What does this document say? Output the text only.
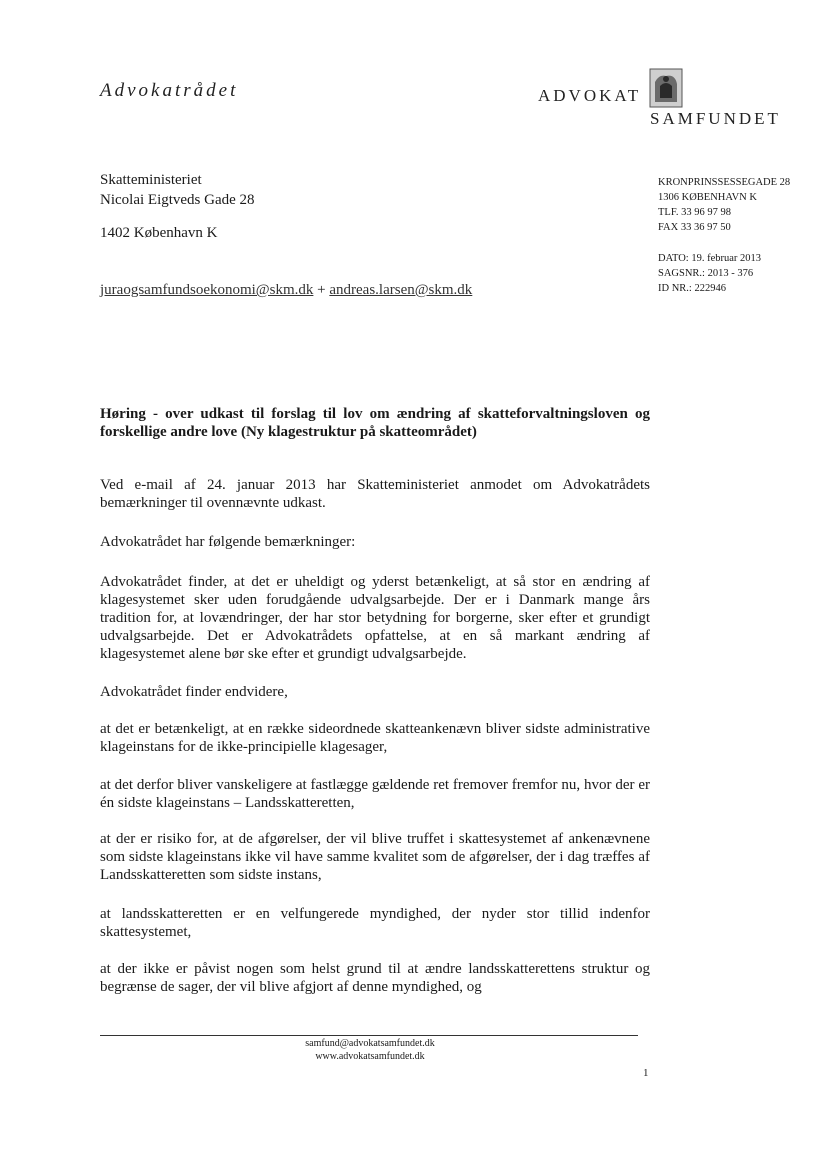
Advokatrådet	ADVOKAT
SAMFUNDET
Skatteministeriet
Nicolai Eigtveds Gade 28
1402 København K
juraogsamfundsoekonomi@skm.dk + andreas.larsen@skm.dk
KRONPRINSSESSEGADE 28
1306 KØBENHAVN K
TLF. 33 96 97 98
FAX 33 36 97 50
DATO: 19. februar 2013
SAGSNR.: 2013 - 376
ID NR.: 222946
Høring - over udkast til forslag til lov om ændring af skatteforvaltningsloven og forskellige andre love (Ny klagestruktur på skatteområdet)
Ved e-mail af 24. januar 2013 har Skatteministeriet anmodet om Advokatrådets bemærkninger til ovennævnte udkast.
Advokatrådet har følgende bemærkninger:
Advokatrådet finder, at det er uheldigt og yderst betænkeligt, at så stor en ændring af klagesystemet sker uden forudgående udvalgsarbejde. Der er i Danmark mange års tradition for, at lovændringer, der har stor betydning for borgerne, sker efter et grundigt udvalgsarbejde. Det er Advokatrådets opfattelse, at en så markant ændring af klagesystemet alene bør ske efter et grundigt udvalgsarbejde.
Advokatrådet finder endvidere,
at det er betænkeligt, at en række sideordnede skatteankenævn bliver sidste administrative klageinstans for de ikke-principielle klagesager,
at det derfor bliver vanskeligere at fastlægge gældende ret fremover fremfor nu, hvor der er én sidste klageinstans – Landsskatteretten,
at der er risiko for, at de afgørelser, der vil blive truffet i skattesystemet af ankenævnene som sidste klageinstans ikke vil have samme kvalitet som de afgørelser, der i dag træffes af Landsskatteretten som sidste instans,
at landsskatteretten er en velfungerede myndighed, der nyder stor tillid indenfor skattesystemet,
at der ikke er påvist nogen som helst grund til at ændre landsskatterettens struktur og begrænse de sager, der vil blive afgjort af denne myndighed, og
samfund@advokatsamfundet.dk
www.advokatsamfundet.dk
1
